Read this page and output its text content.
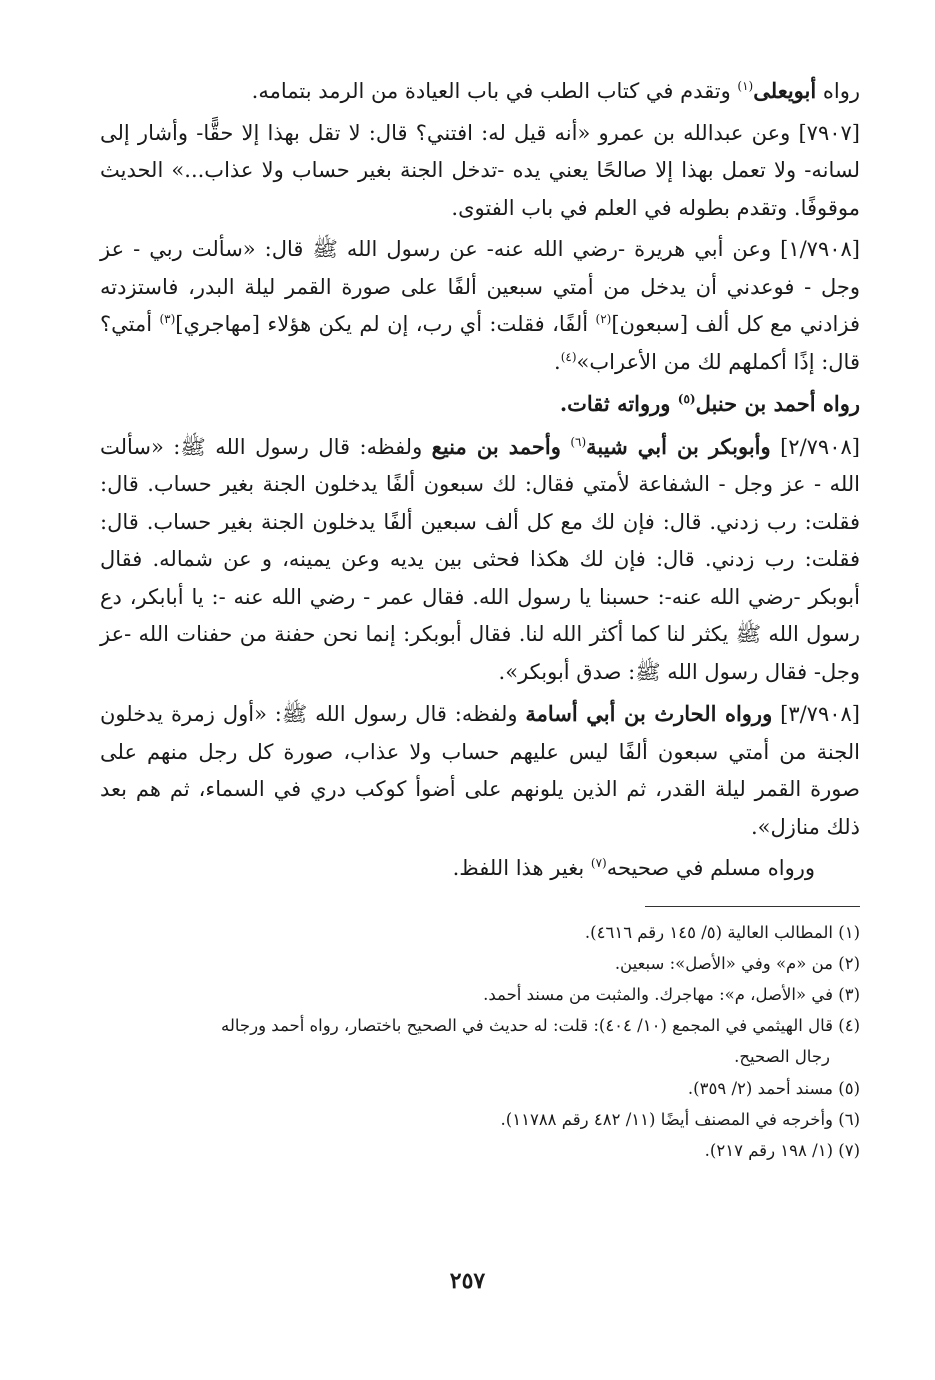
رواه أبويعلى$^{(١)}$ وتقدم في كتاب الطب في باب العيادة من الرمد بتمامه.

[٧٩٠٧] وعن عبدالله بن عمرو «أنه قيل له: افتني؟ قال: لا تقل بهذا إلا حقًّا- وأشار إلى لسانه- ولا تعمل بهذا إلا صالحًا يعني يده -تدخل الجنة بغير حساب ولا عذاب...» الحديث موقوفًا. وتقدم بطوله في العلم في باب الفتوى.

[١/٧٩٠٨] وعن أبي هريرة -رضي الله عنه- عن رسول الله ﷺ قال: «سألت ربي - عز وجل - فوعدني أن يدخل من أمتي سبعين ألفًا على صورة القمر ليلة البدر، فاستزدته فزادني مع كل ألف [سبعون]$^{(٢)}$ ألفًا، فقلت: أي رب، إن لم يكن هؤلاء [مهاجري]$^{(٣)}$ أمتي؟ قال: إذًا أكملهم لك من الأعراب»$^{(٤)}$.

رواه أحمد بن حنبل$^{(٥)}$ ورواته ثقات.

[٢/٧٩٠٨] وأبوبكر بن أبي شيبة$^{(٦)}$ وأحمد بن منيع ولفظه: قال رسول الله ﷺ: «سألت الله - عز وجل - الشفاعة لأمتي فقال: لك سبعون ألفًا يدخلون الجنة بغير حساب. قال: فقلت: رب زدني. قال: فإن لك مع كل ألف سبعين ألفًا يدخلون الجنة بغير حساب. قال: فقلت: رب زدني. قال: فإن لك هكذا فحثى بين يديه وعن يمينه، و عن شماله. فقال أبوبكر -رضي الله عنه-: حسبنا يا رسول الله. فقال عمر - رضي الله عنه -: يا أبابكر، دع رسول الله ﷺ يكثر لنا كما أكثر الله لنا. فقال أبوبكر: إنما نحن حفنة من حفنات الله -عز وجل- فقال رسول الله ﷺ: صدق أبوبكر».

[٣/٧٩٠٨] ورواه الحارث بن أبي أسامة ولفظه: قال رسول الله ﷺ: «أول زمرة يدخلون الجنة من أمتي سبعون ألفًا ليس عليهم حساب ولا عذاب، صورة كل رجل منهم على صورة القمر ليلة القدر، ثم الذين يلونهم على أضوأ كوكب دري في السماء، ثم هم بعد ذلك منازل».

ورواه مسلم في صحيحه$^{(٧)}$ بغير هذا اللفظ.

(١) المطالب العالية (٥/ ١٤٥ رقم ٤٦١٦).

(٢) من «م» وفي «الأصل»: سبعين.

(٣) في «الأصل، م»: مهاجرك. والمثبت من مسند أحمد.

(٤) قال الهيثمي في المجمع (١٠/ ٤٠٤): قلت: له حديث في الصحيح باختصار، رواه أحمد ورجاله

رجال الصحيح.

(٥) مسند أحمد (٢/ ٣٥٩).

(٦) وأخرجه في المصنف أيضًا (١١/ ٤٨٢ رقم ١١٧٨٨).

(٧) (١/ ١٩٨ رقم ٢١٧).

٢٥٧
